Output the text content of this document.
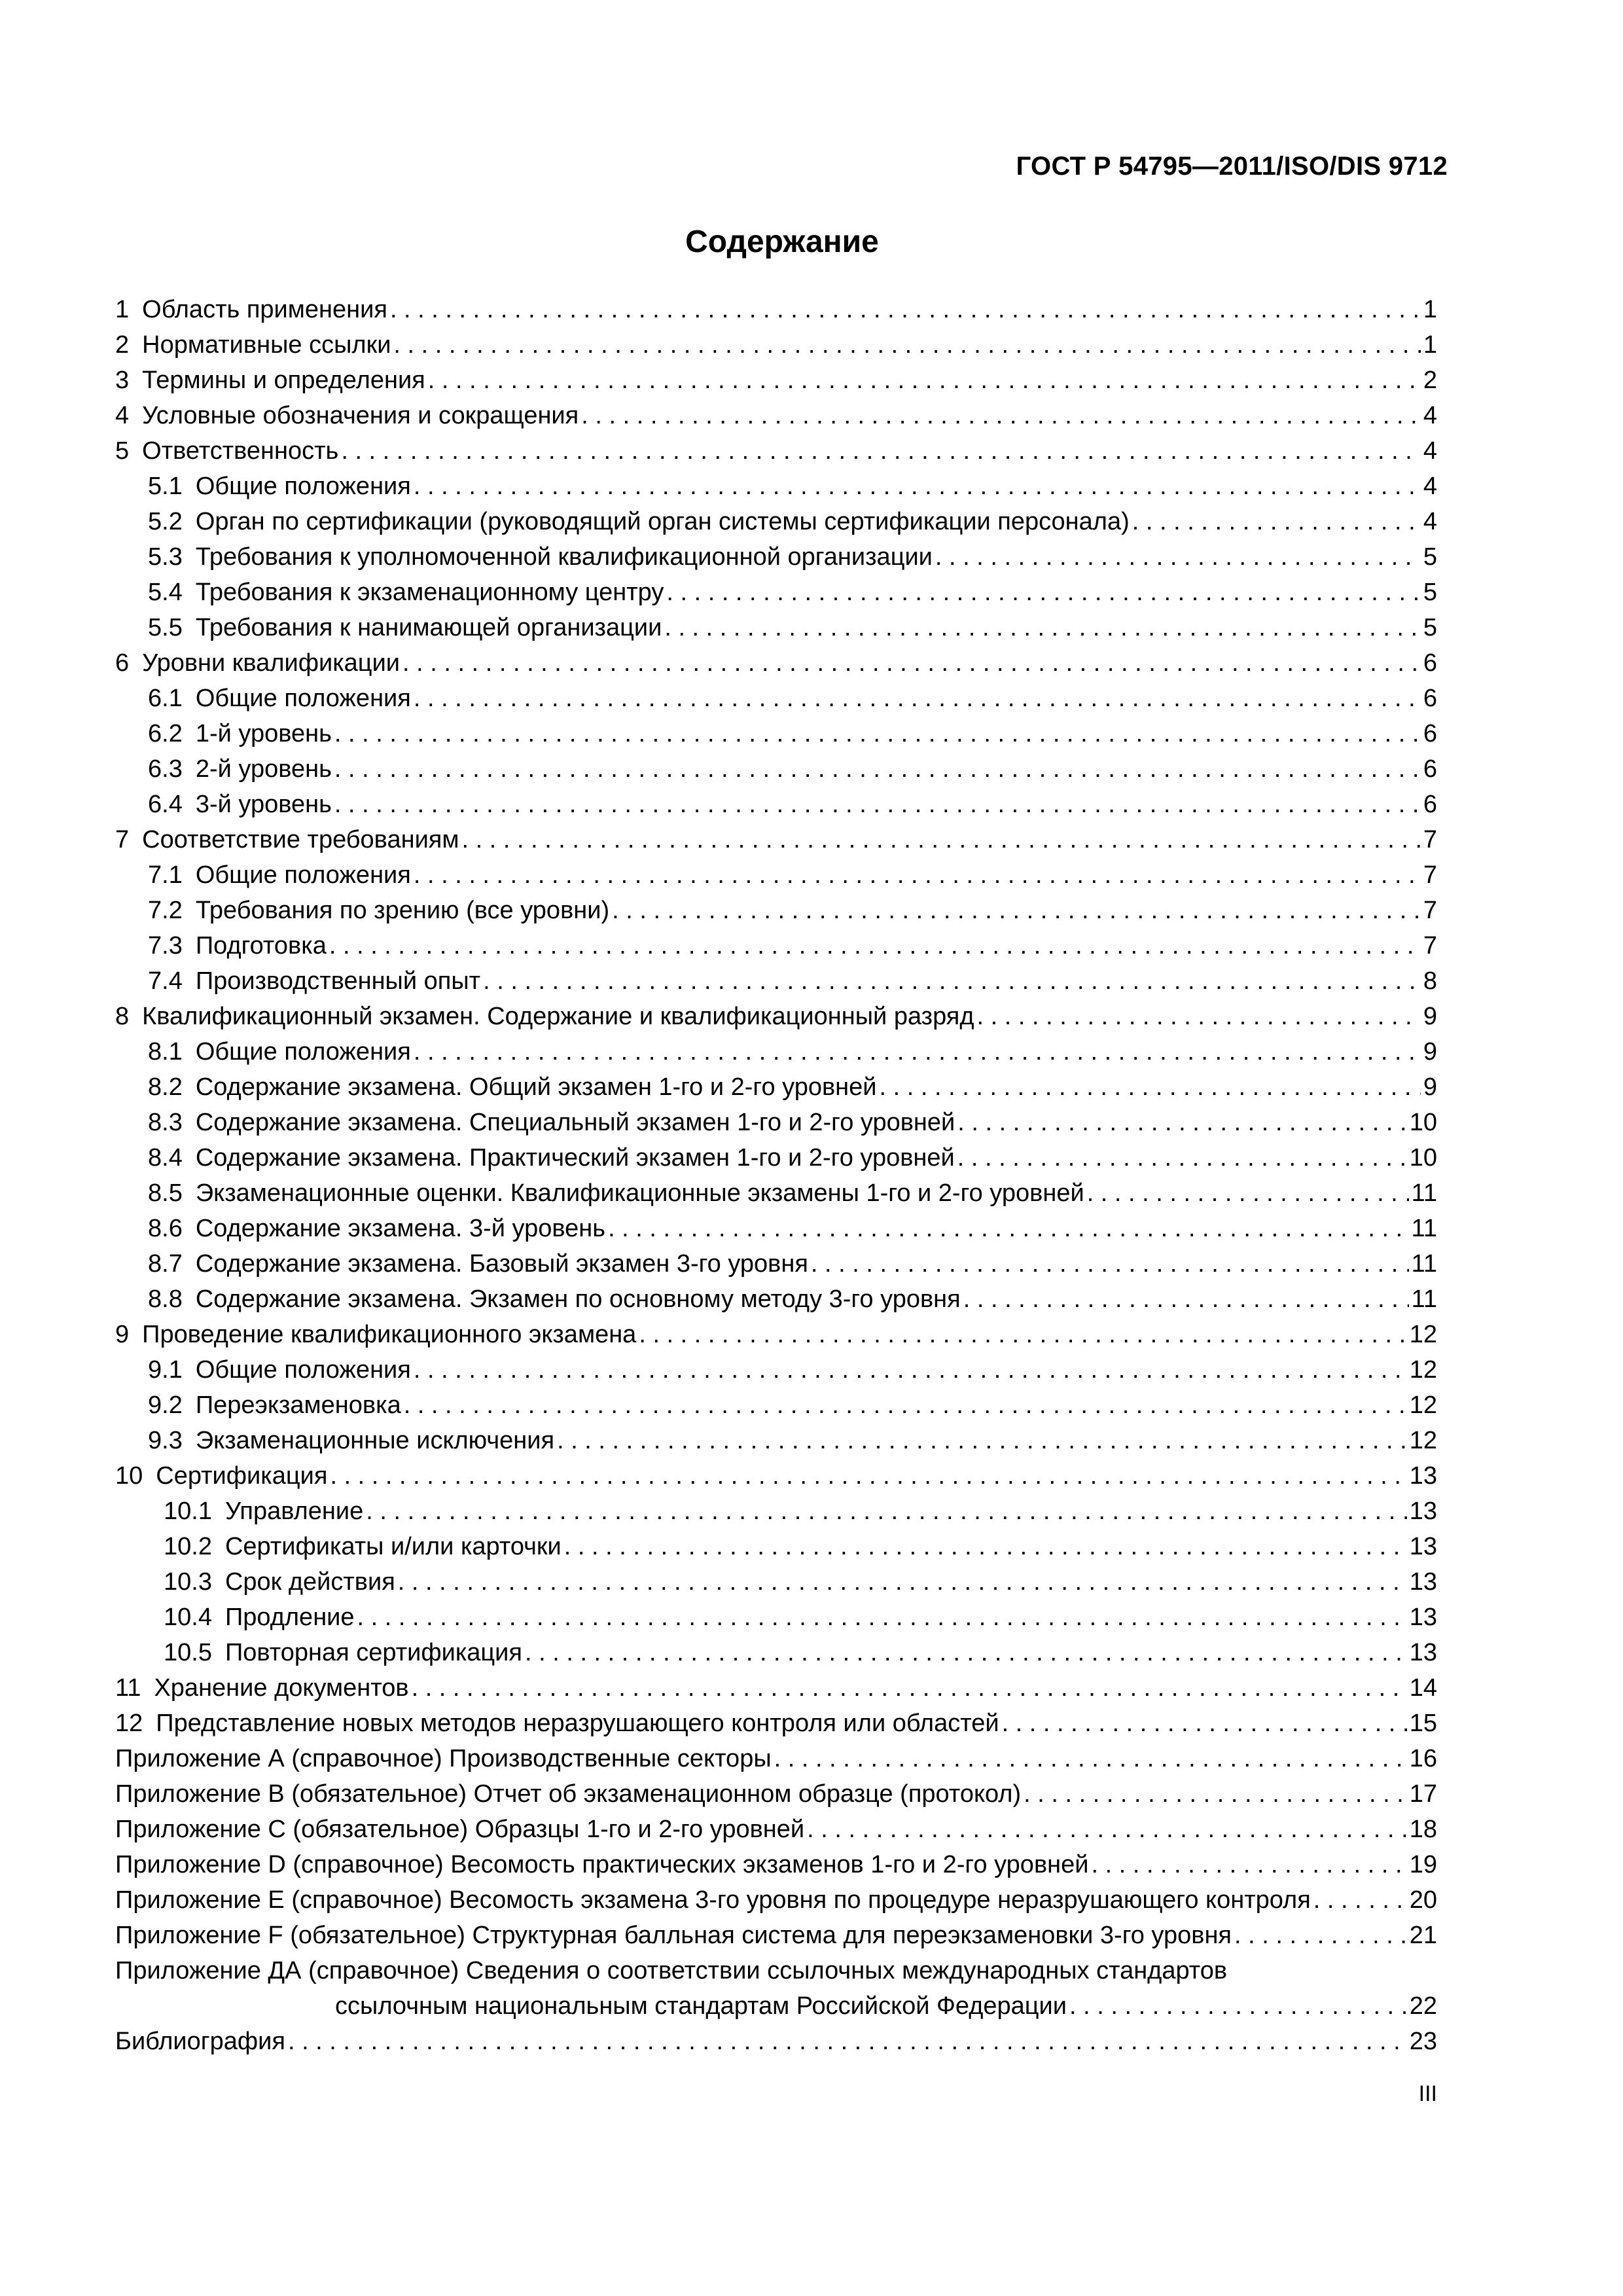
ГОСТ Р 54795—2011/ISO/DIS 9712
Содержание
1 Область применения . . .	1
2 Нормативные ссылки . . .	1
3 Термины и определения . . .	2
4 Условные обозначения и сокращения . . .	4
5 Ответственность . . .	4
5.1 Общие положения . . .	4
5.2 Орган по сертификации (руководящий орган системы сертификации персонала) . . .	4
5.3 Требования к уполномоченной квалификационной организации . . .	5
5.4 Требования к экзаменационному центру . . .	5
5.5 Требования к нанимающей организации . . .	5
6 Уровни квалификации . . .	6
6.1 Общие положения . . .	6
6.2 1-й уровень . . .	6
6.3 2-й уровень . . .	6
6.4 3-й уровень . . .	6
7 Соответствие требованиям . . .	7
7.1 Общие положения . . .	7
7.2 Требования по зрению (все уровни) . . .	7
7.3 Подготовка . . .	7
7.4 Производственный опыт . . .	8
8 Квалификационный экзамен. Содержание и квалификационный разряд . . .	9
8.1 Общие положения . . .	9
8.2 Содержание экзамена. Общий экзамен 1-го и 2-го уровней . . .	9
8.3 Содержание экзамена. Специальный экзамен 1-го и 2-го уровней . . .	10
8.4 Содержание экзамена. Практический экзамен 1-го и 2-го уровней . . .	10
8.5 Экзаменационные оценки. Квалификационные экзамены 1-го и 2-го уровней . . .	11
8.6 Содержание экзамена. 3-й уровень . . .	11
8.7 Содержание экзамена. Базовый экзамен 3-го уровня . . .	11
8.8 Содержание экзамена. Экзамен по основному методу 3-го уровня . . .	11
9 Проведение квалификационного экзамена . . .	12
9.1 Общие положения . . .	12
9.2 Переэкзаменовка . . .	12
9.3 Экзаменационные исключения . . .	12
10 Сертификация . . .	13
10.1 Управление . . .	13
10.2 Сертификаты и/или карточки . . .	13
10.3 Срок действия . . .	13
10.4 Продление . . .	13
10.5 Повторная сертификация . . .	13
11 Хранение документов . . .	14
12 Представление новых методов неразрушающего контроля или областей . . .	15
Приложение А (справочное) Производственные секторы . . .	16
Приложение В (обязательное) Отчет об экзаменационном образце (протокол) . . .	17
Приложение С (обязательное) Образцы 1-го и 2-го уровней . . .	18
Приложение D (справочное) Весомость практических экзаменов 1-го и 2-го уровней . . .	19
Приложение Е (справочное) Весомость экзамена 3-го уровня по процедуре неразрушающего контроля . . .	20
Приложение F (обязательное) Структурная балльная система для переэкзаменовки 3-го уровня . . .	21
Приложение ДА (справочное) Сведения о соответствии ссылочных международных стандартов
ссылочным национальным стандартам Российской Федерации . . .	22
Библиография . . .	23
III
